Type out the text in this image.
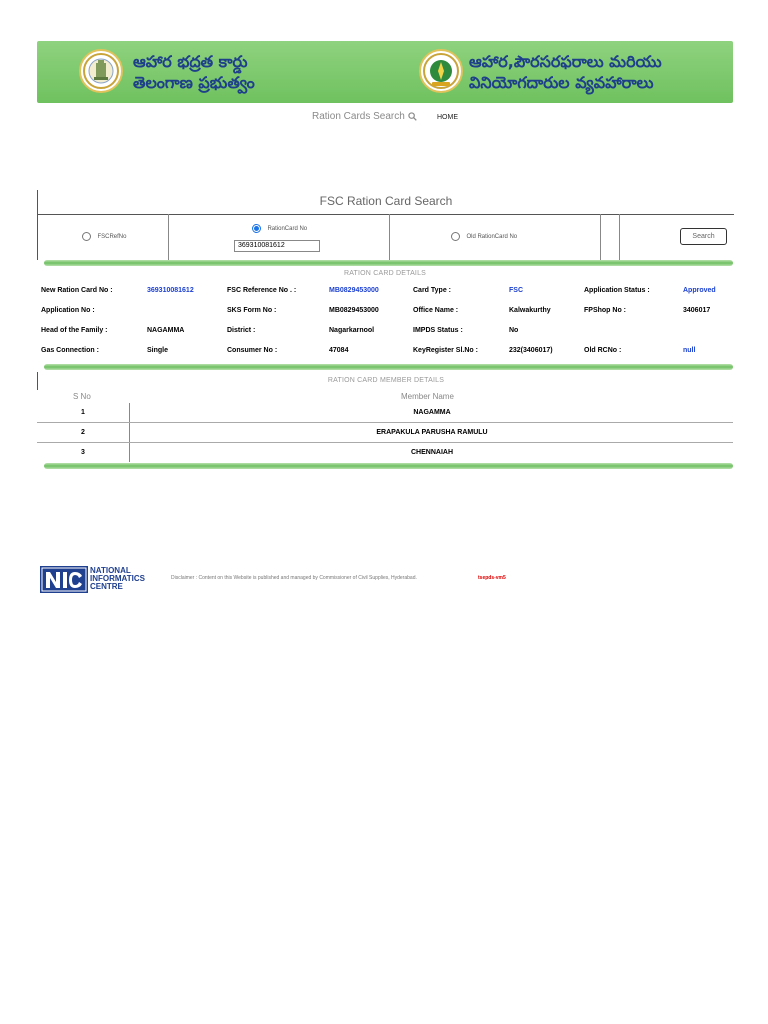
ఆహార భద్రత కార్డు
తెలంగాణ ప్రభుత్వం
ఆహార,పౌరసరఫరాలు మరియు
వినియోగదారుల వ్యవహారాలు
Ration Cards Search	HOME
FSC Ration Card Search
FSCRefNo
RationCard No
369310081612
Old RationCard No	Search
RATION CARD DETAILS
New Ration Card No :	369310081612	FSC Reference No . :	MB0829453000	Card Type :	FSC	Application Status :	Approved
Application No :	SKS Form No :	MB0829453000	Office Name :	Kalwakurthy	FPShop No :	3406017
Head of the Family :	NAGAMMA	District :	Nagarkarnool	IMPDS Status :	No
Gas Connection :	Single	Consumer No :	47084	KeyRegister Sl.No :	232(3406017)	Old RCNo :	null
RATION CARD MEMBER DETAILS
S No	Member Name
1	NAGAMMA
2	ERAPAKULA PARUSHA RAMULU
3	CHENNAIAH
NATIONAL
INFORMATICS
CENTRE
Disclaimer : Content on this Website is published and managed by Commissioner of Civil Supplies, Hyderabad.	tsepds-vm5
